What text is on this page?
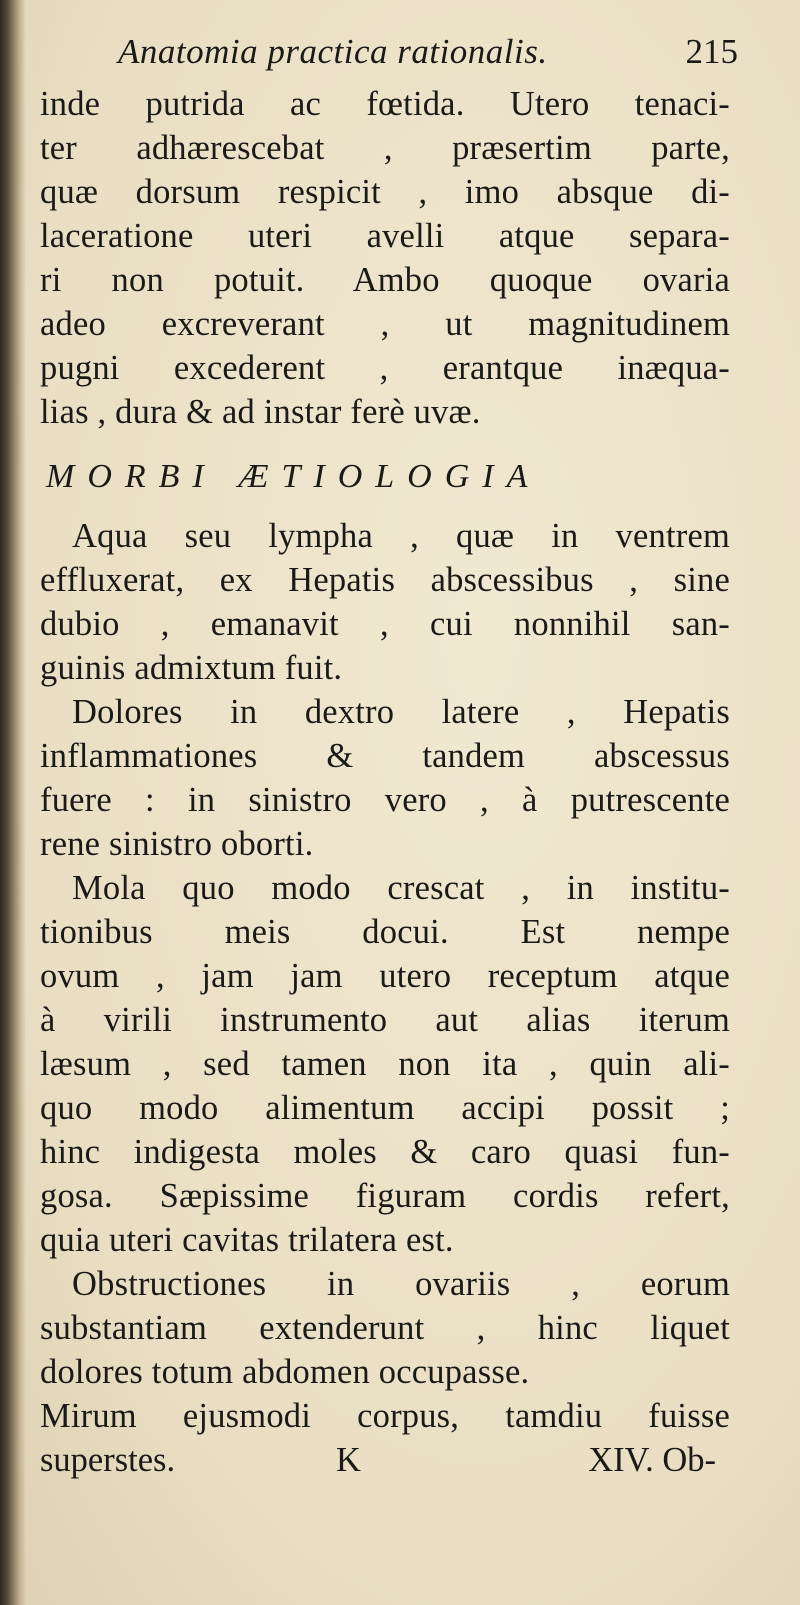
Anatomia practica rationalis.	215
inde putrida ac fœtida. Utero tenaci-
ter adhærescebat , præsertim parte,
quæ dorsum respicit , imo absque di-
laceratione uteri avelli atque separa-
ri non potuit. Ambo quoque ovaria
adeo excreverant , ut magnitudinem
pugni excederent , erantque inæqua-
lias , dura & ad instar ferè uvæ.
MORBI ÆTIOLOGIA
Aqua seu lympha , quæ in ventrem
effluxerat, ex Hepatis abscessibus , sine
dubio , emanavit , cui nonnihil san-
guinis admixtum fuit.
Dolores in dextro latere , Hepatis
inflammationes & tandem abscessus
fuere : in sinistro vero , à putrescente
rene sinistro oborti.
Mola quo modo crescat , in institu-
tionibus meis docui. Est nempe
ovum , jam jam utero receptum atque
à virili instrumento aut alias iterum
læsum , sed tamen non ita , quin ali-
quo modo alimentum accipi possit ;
hinc indigesta moles & caro quasi fun-
gosa. Sæpissime figuram cordis refert,
quia uteri cavitas trilatera est.
Obstructiones in ovariis , eorum
substantiam extenderunt , hinc liquet
dolores totum abdomen occupasse.
Mirum ejusmodi corpus, tamdiu fuisse
superstes.	K	XIV. Ob-
